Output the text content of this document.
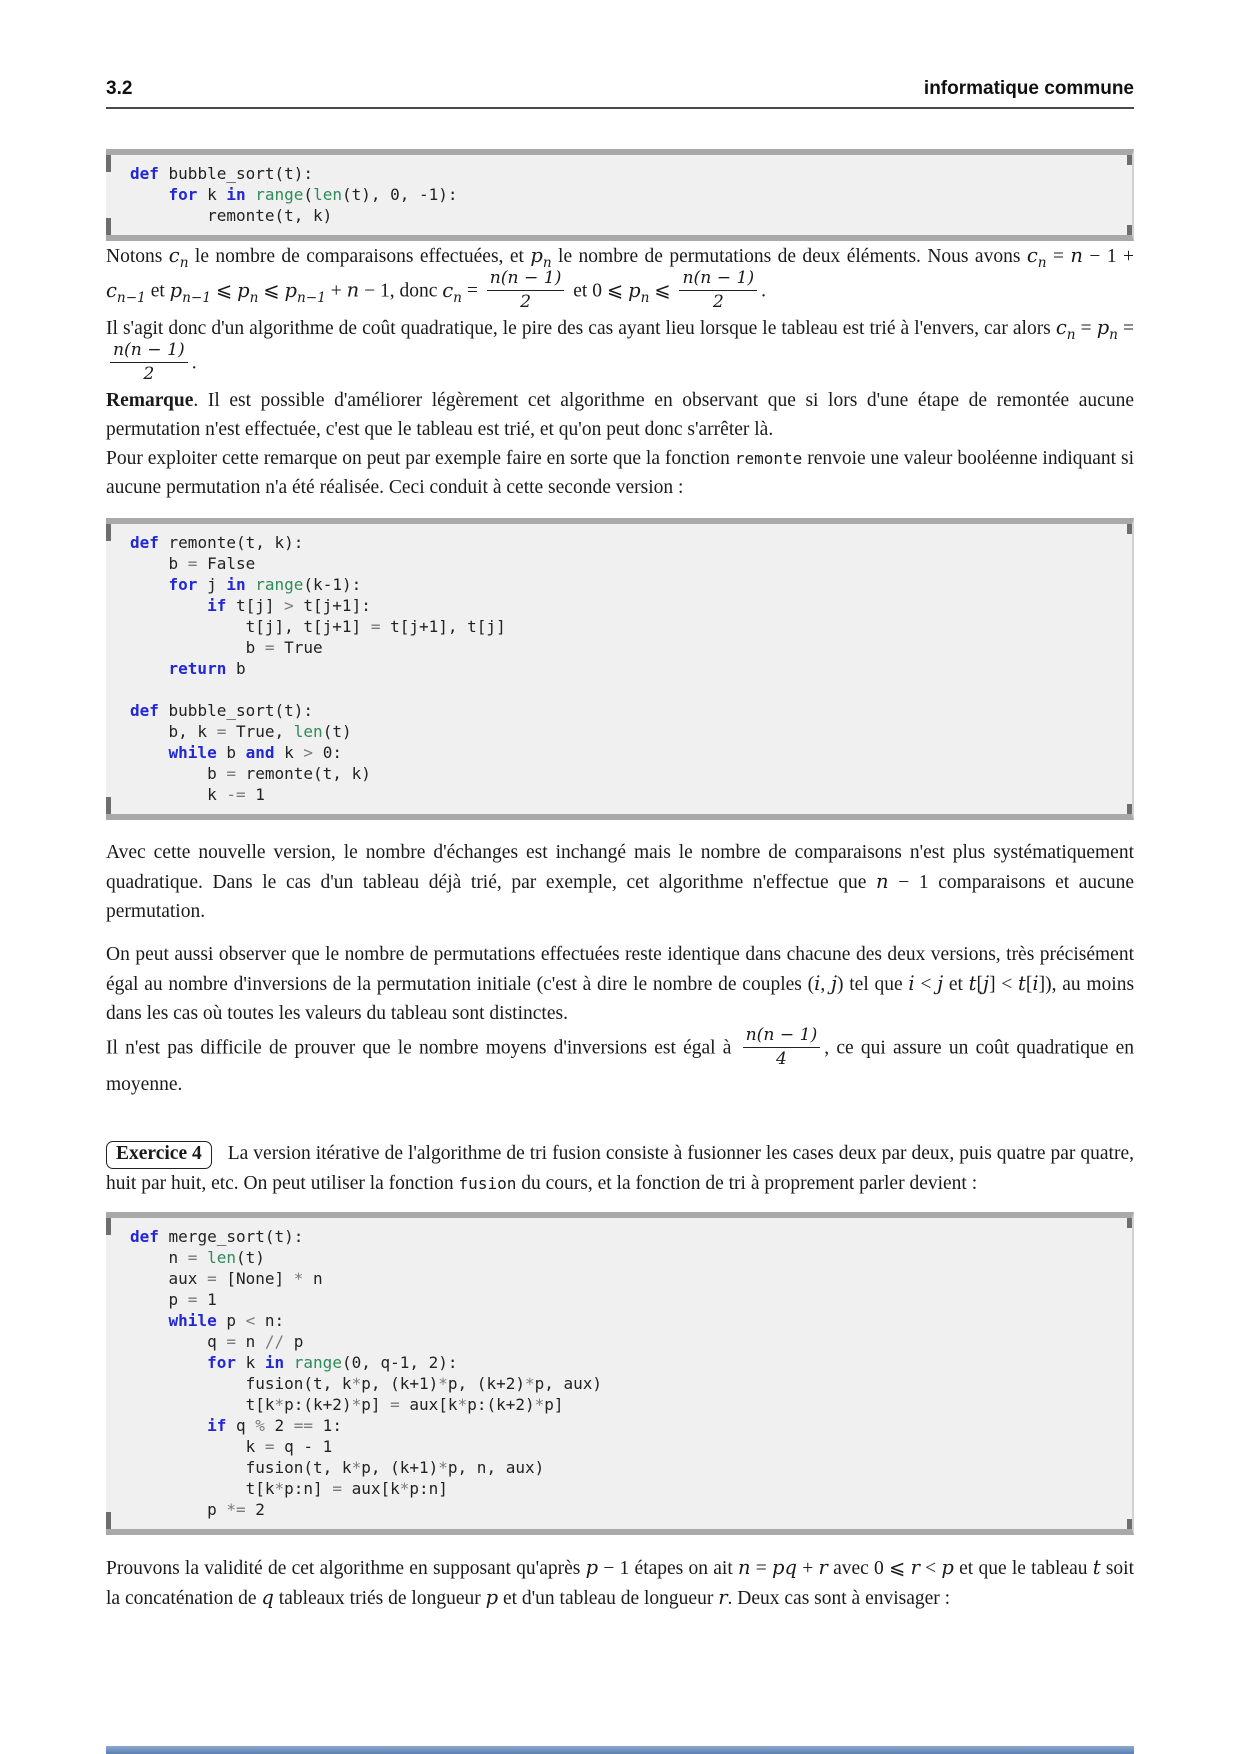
3.2	informatique commune
def bubble_sort(t):
for k in range(len(t), 0, -1):
remonte(t, k)

Notons $c_n$ le nombre de comparaisons effectuées, et $p_n$ le nombre de permutations de deux éléments. Nous avons $c_n = n - 1 + c_{n-1}$ et $p_{n-1}$ ⩽ $p_n$ ⩽ $p_{n-1} + n - 1$, donc $c_n = \frac{n(n - 1)}{2}$ et 0 ⩽ $p_n$ ⩽ $\frac{n(n - 1)}{2}$ .

Il s'agit donc d'un algorithme de coût quadratique, le pire des cas ayant lieu lorsque le tableau est trié à l'envers, car alors $c_n = p_n$ =
$\frac{n(n - 1)}{2}$ .

Remarque. Il est possible d'améliorer légèrement cet algorithme en observant que si lors d'une étape de remontée aucune permutation n'est effectuée, c'est que le tableau est trié, et qu'on peut donc s'arrêter là.

Pour exploiter cette remarque on peut par exemple faire en sorte que la fonction remonte renvoie une valeur booléenne indiquant si aucune permutation n'a été réalisée. Ceci conduit à cette seconde version :

def remonte(t, k):
b = False
for j in range(k-1):
if t[j] > t[j+1]:
t[j], t[j+1] = t[j+1], t[j]
b = True
return b

def bubble_sort(t):
b, k = True, len(t)
while b and k > 0:
b = remonte(t, k)
k -= 1

Avec cette nouvelle version, le nombre d'échanges est inchangé mais le nombre de comparaisons n'est plus systématiquement quadratique. Dans le cas d'un tableau déjà trié, par exemple, cet algorithme n'effectue que n − 1 comparaisons et aucune permutation.

On peut aussi observer que le nombre de permutations effectuées reste identique dans chacune des deux versions, très précisément égal au nombre d'inversions de la permutation initiale (c'est à dire le nombre de couples (i, j) tel que i < j et t[j] < t[i]), au moins dans les cas où toutes les valeurs du tableau sont distinctes.

Il n'est pas difficile de prouver que le nombre moyens d'inversions est égal à $\frac{n(n - 1)}{4}$ , ce qui assure un coût quadratique en moyenne.

Exercice 4 La version itérative de l'algorithme de tri fusion consiste à fusionner les cases deux par deux, puis quatre par quatre, huit par huit, etc. On peut utiliser la fonction fusion du cours, et la fonction de tri à proprement parler devient :

def merge_sort(t):
n = len(t)
aux = [None] * n
p = 1
while p < n:
q = n // p
for k in range(0, q-1, 2):
fusion(t, k*p, (k+1)*p, (k+2)*p, aux)
t[k*p:(k+2)*p] = aux[k*p:(k+2)*p]
if q % 2 == 1:
k = q - 1
fusion(t, k*p, (k+1)*p, n, aux)
t[k*p:n] = aux[k*p:n]
p *= 2

Prouvons la validité de cet algorithme en supposant qu'après p − 1 étapes on ait n = pq + r avec 0 ⩽ r < p et que le tableau t soit la concaténation de q tableaux triés de longueur p et d'un tableau de longueur r. Deux cas sont à envisager :
